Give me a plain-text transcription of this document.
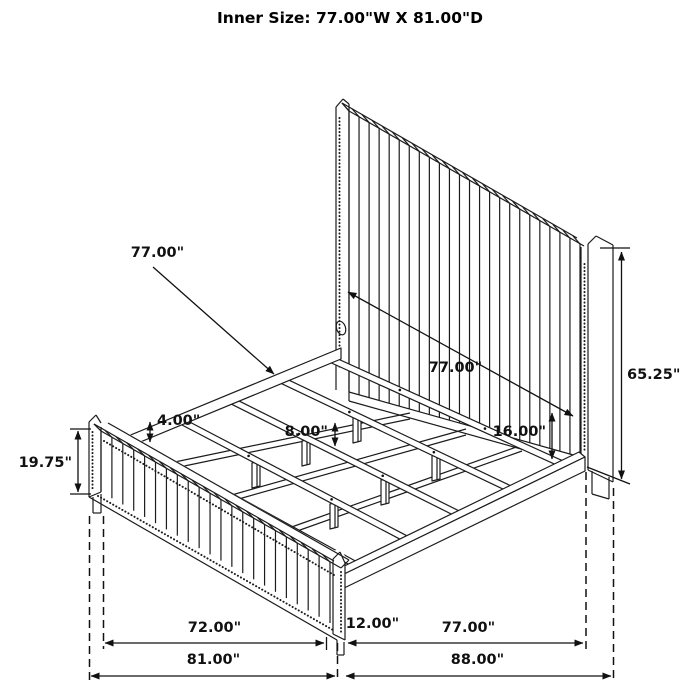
Inner Size: 77.00"W X 81.00"D
77.00"
77.00"	65.25"
16.00"
8.00"
4.00"
19.75"
72.00"	12.00"	77.00"
81.00"	88.00"
